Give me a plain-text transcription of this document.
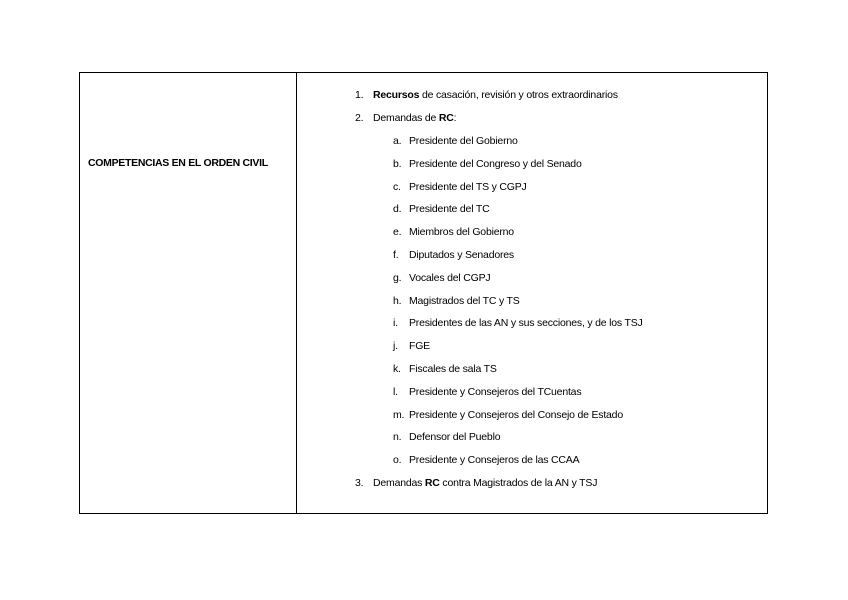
COMPETENCIAS EN EL ORDEN CIVIL
1. Recursos de casación, revisión y otros extraordinarios
2. Demandas de RC:
a. Presidente del Gobierno
b. Presidente del Congreso y del Senado
c. Presidente del TS y CGPJ
d. Presidente del TC
e. Miembros del Gobierno
f. Diputados y Senadores
g. Vocales del CGPJ
h. Magistrados del TC y TS
i. Presidentes de las AN y sus secciones, y de los TSJ
j. FGE
k. Fiscales de sala TS
l. Presidente y Consejeros del TCuentas
m. Presidente y Consejeros del Consejo de Estado
n. Defensor del Pueblo
o. Presidente y Consejeros de las CCAA
3. Demandas RC contra Magistrados de la AN y TSJ
